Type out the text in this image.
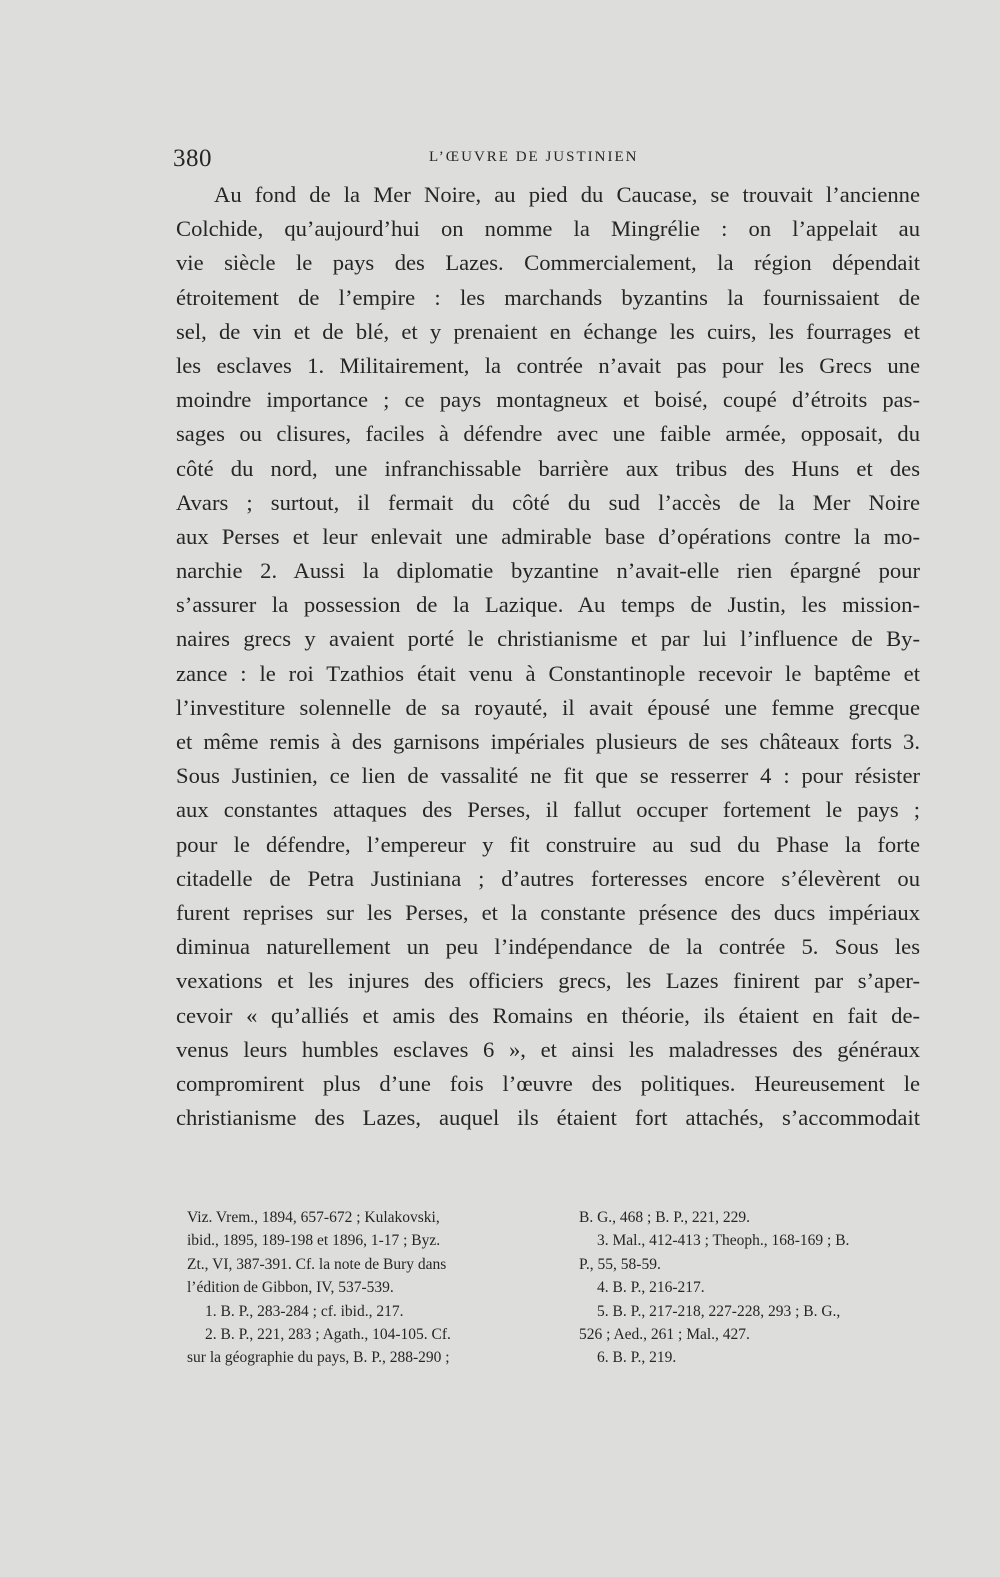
380	L’ŒUVRE DE JUSTINIEN
Au fond de la Mer Noire, au pied du Caucase, se trouvait l’ancienne
Colchide, qu’aujourd’hui on nomme la Mingrélie : on l’appelait au
vie siècle le pays des Lazes. Commercialement, la région dépendait
étroitement de l’empire : les marchands byzantins la fournissaient de
sel, de vin et de blé, et y prenaient en échange les cuirs, les fourrages et
les esclaves 1. Militairement, la contrée n’avait pas pour les Grecs une
moindre importance ; ce pays montagneux et boisé, coupé d’étroits pas-
sages ou clisures, faciles à défendre avec une faible armée, opposait, du
côté du nord, une infranchissable barrière aux tribus des Huns et des
Avars ; surtout, il fermait du côté du sud l’accès de la Mer Noire
aux Perses et leur enlevait une admirable base d’opérations contre la mo-
narchie 2. Aussi la diplomatie byzantine n’avait-elle rien épargné pour
s’assurer la possession de la Lazique. Au temps de Justin, les mission-
naires grecs y avaient porté le christianisme et par lui l’influence de By-
zance : le roi Tzathios était venu à Constantinople recevoir le baptême et
l’investiture solennelle de sa royauté, il avait épousé une femme grecque
et même remis à des garnisons impériales plusieurs de ses châteaux forts 3.
Sous Justinien, ce lien de vassalité ne fit que se resserrer 4 : pour résister
aux constantes attaques des Perses, il fallut occuper fortement le pays ;
pour le défendre, l’empereur y fit construire au sud du Phase la forte
citadelle de Petra Justiniana ; d’autres forteresses encore s’élevèrent ou
furent reprises sur les Perses, et la constante présence des ducs impériaux
diminua naturellement un peu l’indépendance de la contrée 5. Sous les
vexations et les injures des officiers grecs, les Lazes finirent par s’aper-
cevoir « qu’alliés et amis des Romains en théorie, ils étaient en fait de-
venus leurs humbles esclaves 6 », et ainsi les maladresses des généraux
compromirent plus d’une fois l’œuvre des politiques. Heureusement le
christianisme des Lazes, auquel ils étaient fort attachés, s’accommodait
Viz. Vrem., 1894, 657-672 ; Kulakovski,
ibid., 1895, 189-198 et 1896, 1-17 ; Byz.
Zt., VI, 387-391. Cf. la note de Bury dans
l’édition de Gibbon, IV, 537-539.
1. B. P., 283-284 ; cf. ibid., 217.
2. B. P., 221, 283 ; Agath., 104-105. Cf.
sur la géographie du pays, B. P., 288-290 ;
B. G., 468 ; B. P., 221, 229.
3. Mal., 412-413 ; Theoph., 168-169 ; B.
P., 55, 58-59.
4. B. P., 216-217.
5. B. P., 217-218, 227-228, 293 ; B. G.,
526 ; Aed., 261 ; Mal., 427.
6. B. P., 219.
